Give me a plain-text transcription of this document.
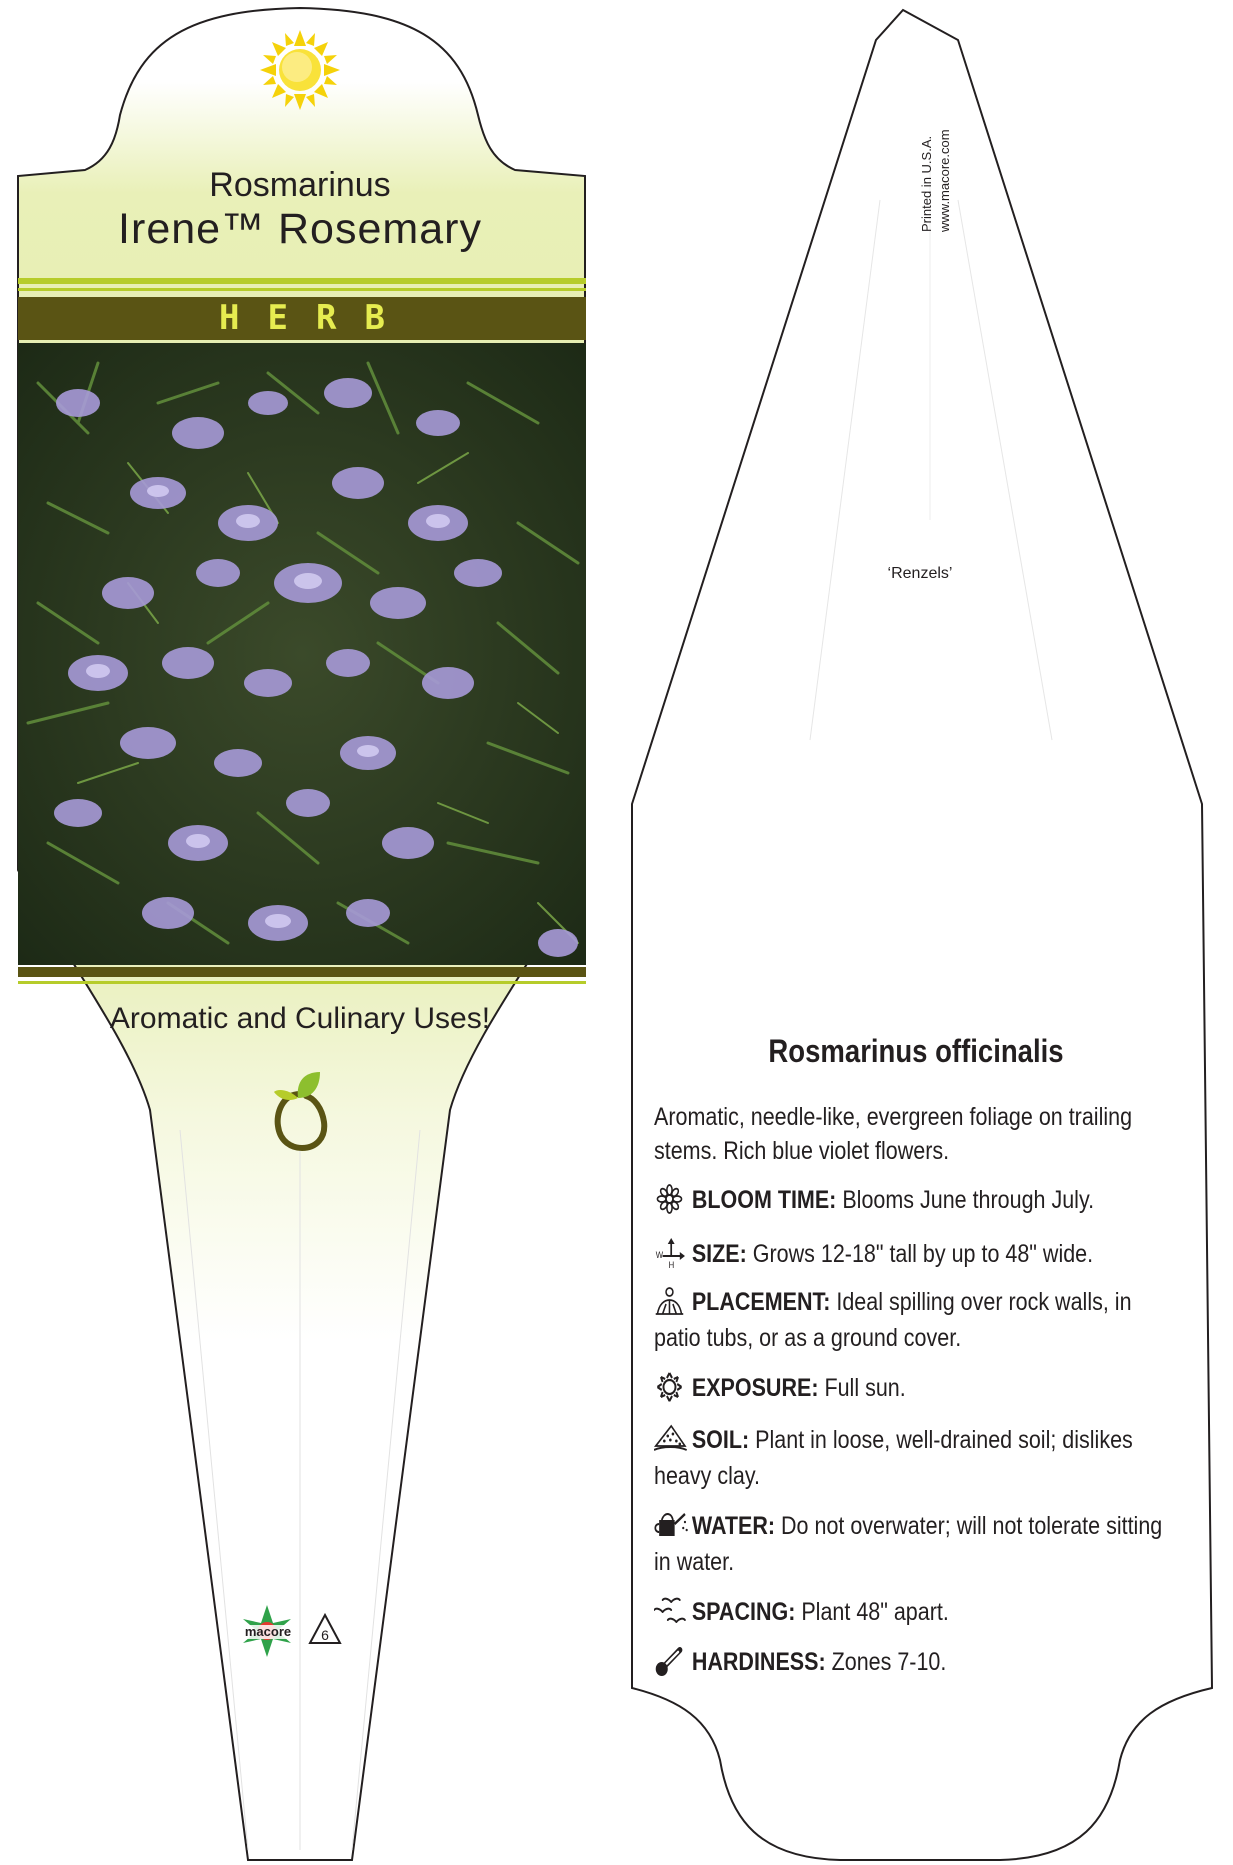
Rosmarinus
Irene™ Rosemary
HERB
Aromatic and Culinary Uses!
macore 6
Printed in U.S.A. www.macore.com
‘Renzels’
Rosmarinus officinalis
Aromatic, needle-like, evergreen foliage on trailing stems. Rich blue violet flowers.
BLOOM TIME: Blooms June through July.
W
H SIZE: Grows 12-18" tall by up to 48" wide.
PLACEMENT: Ideal spilling over rock walls, in patio tubs, or as a ground cover.
EXPOSURE: Full sun.
SOIL: Plant in loose, well-drained soil; dislikes heavy clay.
WATER: Do not overwater; will not tolerate sitting in water.
SPACING: Plant 48" apart.
HARDINESS: Zones 7-10.
